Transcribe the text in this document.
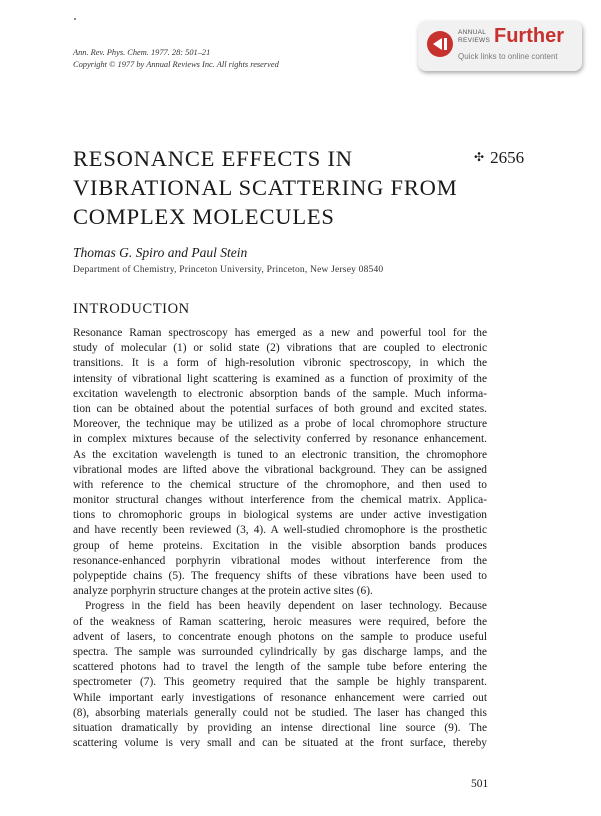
Ann. Rev. Phys. Chem. 1977. 28: 501–21
Copyright © 1977 by Annual Reviews Inc. All rights reserved
ANNUAL
REVIEWS Further
Quick links to online content
RESONANCE EFFECTS IN
VIBRATIONAL SCATTERING FROM
COMPLEX MOLECULES
✣ 2656
Thomas G. Spiro and Paul Stein
Department of Chemistry, Princeton University, Princeton, New Jersey 08540
INTRODUCTION
Resonance Raman spectroscopy has emerged as a new and powerful tool for the
study of molecular (1) or solid state (2) vibrations that are coupled to electronic
transitions. It is a form of high-resolution vibronic spectroscopy, in which the
intensity of vibrational light scattering is examined as a function of proximity of the
excitation wavelength to electronic absorption bands of the sample. Much informa-
tion can be obtained about the potential surfaces of both ground and excited states.
Moreover, the technique may be utilized as a probe of local chromophore structure
in complex mixtures because of the selectivity conferred by resonance enhancement.
As the excitation wavelength is tuned to an electronic transition, the chromophore
vibrational modes are lifted above the vibrational background. They can be assigned
with reference to the chemical structure of the chromophore, and then used to
monitor structural changes without interference from the chemical matrix. Applica-
tions to chromophoric groups in biological systems are under active investigation
and have recently been reviewed (3, 4). A well-studied chromophore is the prosthetic
group of heme proteins. Excitation in the visible absorption bands produces
resonance-enhanced porphyrin vibrational modes without interference from the
polypeptide chains (5). The frequency shifts of these vibrations have been used to
analyze porphyrin structure changes at the protein active sites (6).
Progress in the field has been heavily dependent on laser technology. Because
of the weakness of Raman scattering, heroic measures were required, before the
advent of lasers, to concentrate enough photons on the sample to produce useful
spectra. The sample was surrounded cylindrically by gas discharge lamps, and the
scattered photons had to travel the length of the sample tube before entering the
spectrometer (7). This geometry required that the sample be highly transparent.
While important early investigations of resonance enhancement were carried out
(8), absorbing materials generally could not be studied. The laser has changed this
situation dramatically by providing an intense directional line source (9). The
scattering volume is very small and can be situated at the front surface, thereby
501
